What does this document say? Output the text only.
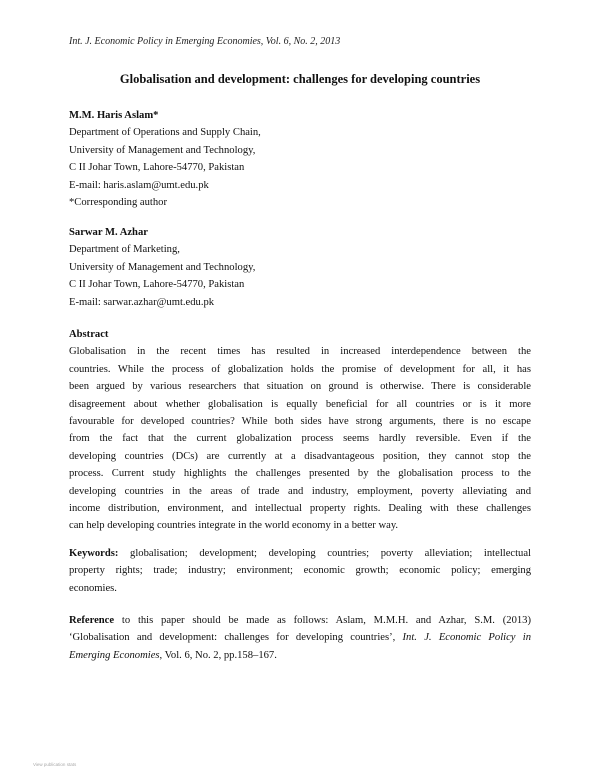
Int. J. Economic Policy in Emerging Economies, Vol. 6, No. 2, 2013
Globalisation and development: challenges for developing countries
M.M. Haris Aslam*
Department of Operations and Supply Chain,
University of Management and Technology,
C II Johar Town, Lahore-54770, Pakistan
E-mail: haris.aslam@umt.edu.pk
*Corresponding author
Sarwar M. Azhar
Department of Marketing,
University of Management and Technology,
C II Johar Town, Lahore-54770, Pakistan
E-mail: sarwar.azhar@umt.edu.pk
Abstract
Globalisation in the recent times has resulted in increased interdependence between the
countries. While the process of globalization holds the promise of development for all, it has
been argued by various researchers that situation on ground is otherwise. There is considerable
disagreement about whether globalisation is equally beneficial for all countries or is it more
favourable for developed countries? While both sides have strong arguments, there is no escape
from the fact that the current globalization process seems hardly reversible. Even if the
developing countries (DCs) are currently at a disadvantageous position, they cannot stop the
process. Current study highlights the challenges presented by the globalisation process to the
developing countries in the areas of trade and industry, employment, poverty alleviating and
income distribution, environment, and intellectual property rights. Dealing with these challenges
can help developing countries integrate in the world economy in a better way.
Keywords: globalisation; development; developing countries; poverty alleviation; intellectual
property rights; trade; industry; environment; economic growth; economic policy; emerging
economies.
Reference to this paper should be made as follows: Aslam, M.M.H. and Azhar, S.M. (2013)
‘Globalisation and development: challenges for developing countries’, Int. J. Economic Policy in
Emerging Economies, Vol. 6, No. 2, pp.158–167.
View publication stats
